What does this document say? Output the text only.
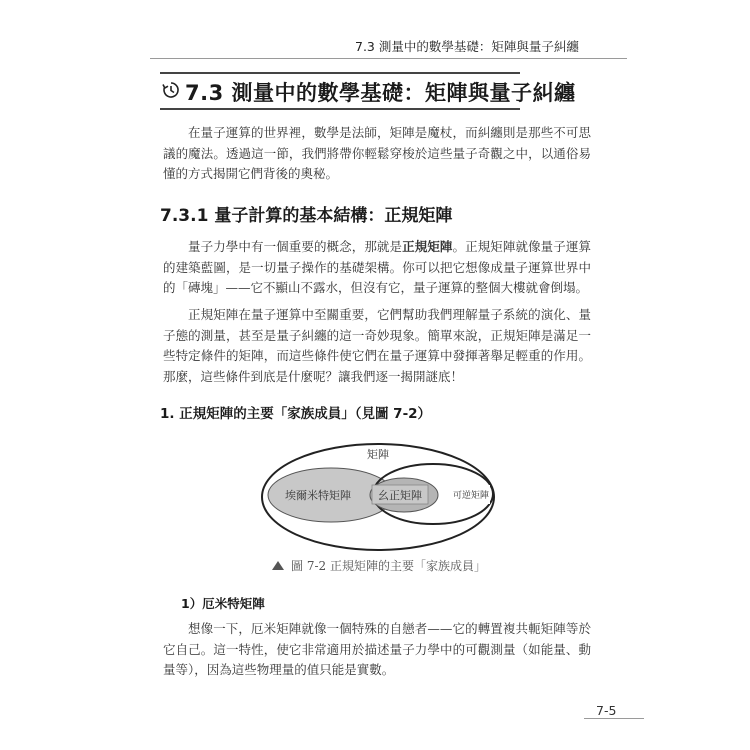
7.3 測量中的數學基礎：矩陣與量子糾纏
7.3 測量中的數學基礎：矩陣與量子糾纏

在量子運算的世界裡，數學是法師，矩陣是魔杖，而糾纏則是那些不可思議的魔法。透過這一節，我們將帶你輕鬆穿梭於這些量子奇觀之中，以通俗易懂的方式揭開它們背後的奧秘。

7.3.1 量子計算的基本結構：正規矩陣

量子力學中有一個重要的概念，那就是正規矩陣。正規矩陣就像量子運算的建築藍圖，是一切量子操作的基礎架構。你可以把它想像成量子運算世界中的「磚塊」——它不顯山不露水，但沒有它，量子運算的整個大樓就會倒塌。

正規矩陣在量子運算中至關重要，它們幫助我們理解量子系統的演化、量子態的測量，甚至是量子糾纏的這一奇妙現象。簡單來說，正規矩陣是滿足一些特定條件的矩陣，而這些條件使它們在量子運算中發揮著舉足輕重的作用。那麼，這些條件到底是什麼呢？讓我們逐一揭開謎底！

1. 正規矩陣的主要「家族成員」（見圖 7-2）
矩陣
埃爾米特矩陣 幺正矩陣	可逆矩陣
圖 7-2 正規矩陣的主要「家族成員」
1）厄米特矩陣

想像一下，厄米矩陣就像一個特殊的自戀者——它的轉置複共軛矩陣等於它自己。這一特性，使它非常適用於描述量子力學中的可觀測量（如能量、動量等），因為這些物理量的值只能是實數。

7-5
